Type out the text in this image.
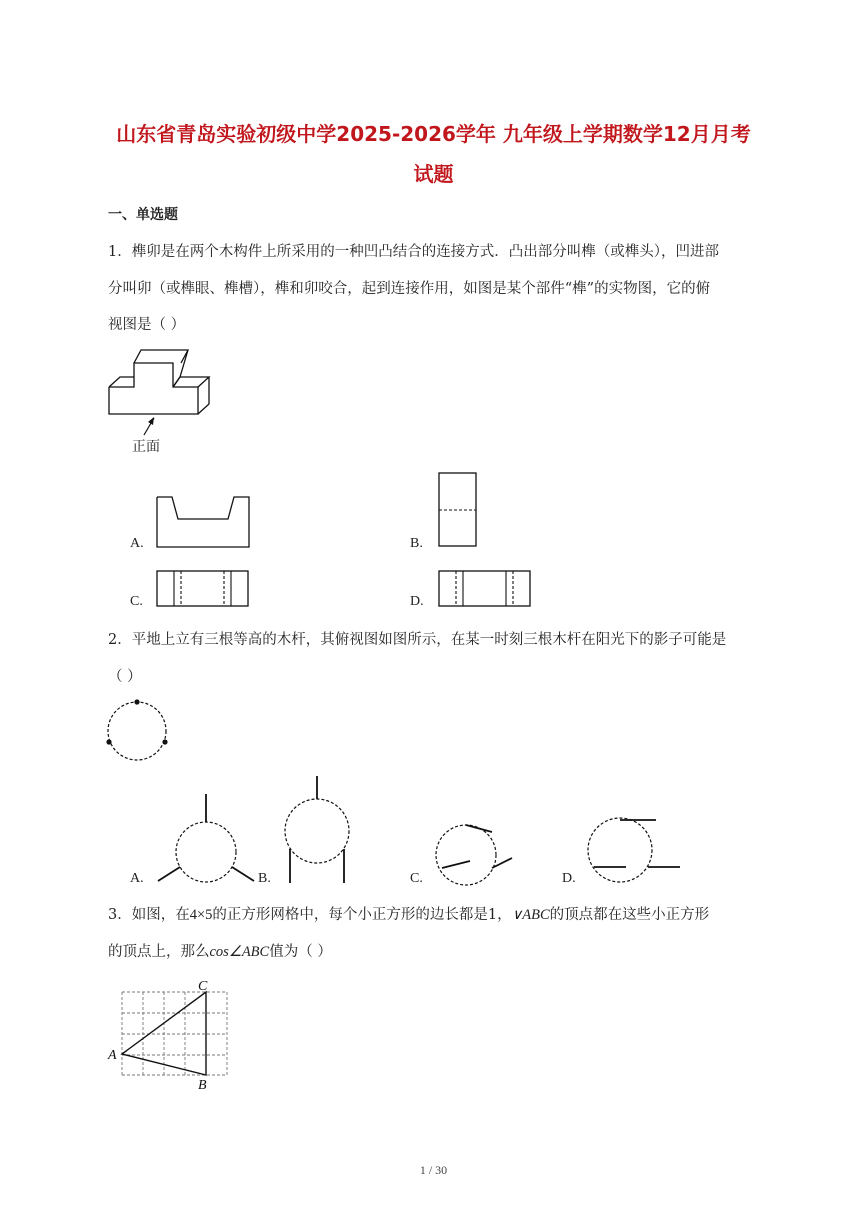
山东省青岛实验初级中学2025-2026学年 九年级上学期数学12月月考
试题
一、单选题
1．榫卯是在两个木构件上所采用的一种凹凸结合的连接方式．凸出部分叫榫（或榫头），凹进部
分叫卯（或榫眼、榫槽），榫和卯咬合，起到连接作用，如图是某个部件“榫”的实物图，它的俯
视图是（ ）
正面
A.	B.
C.	D.
2．平地上立有三根等高的木杆，其俯视图如图所示，在某一时刻三根木杆在阳光下的影子可能是
（ ）
A.	B.	C.	D.
3．如图，在4×5的正方形网格中，每个小正方形的边长都是1，∨ABC的顶点都在这些小正方形
的顶点上，那么cos∠ABC值为（ ）
C
A
B
1 / 30
